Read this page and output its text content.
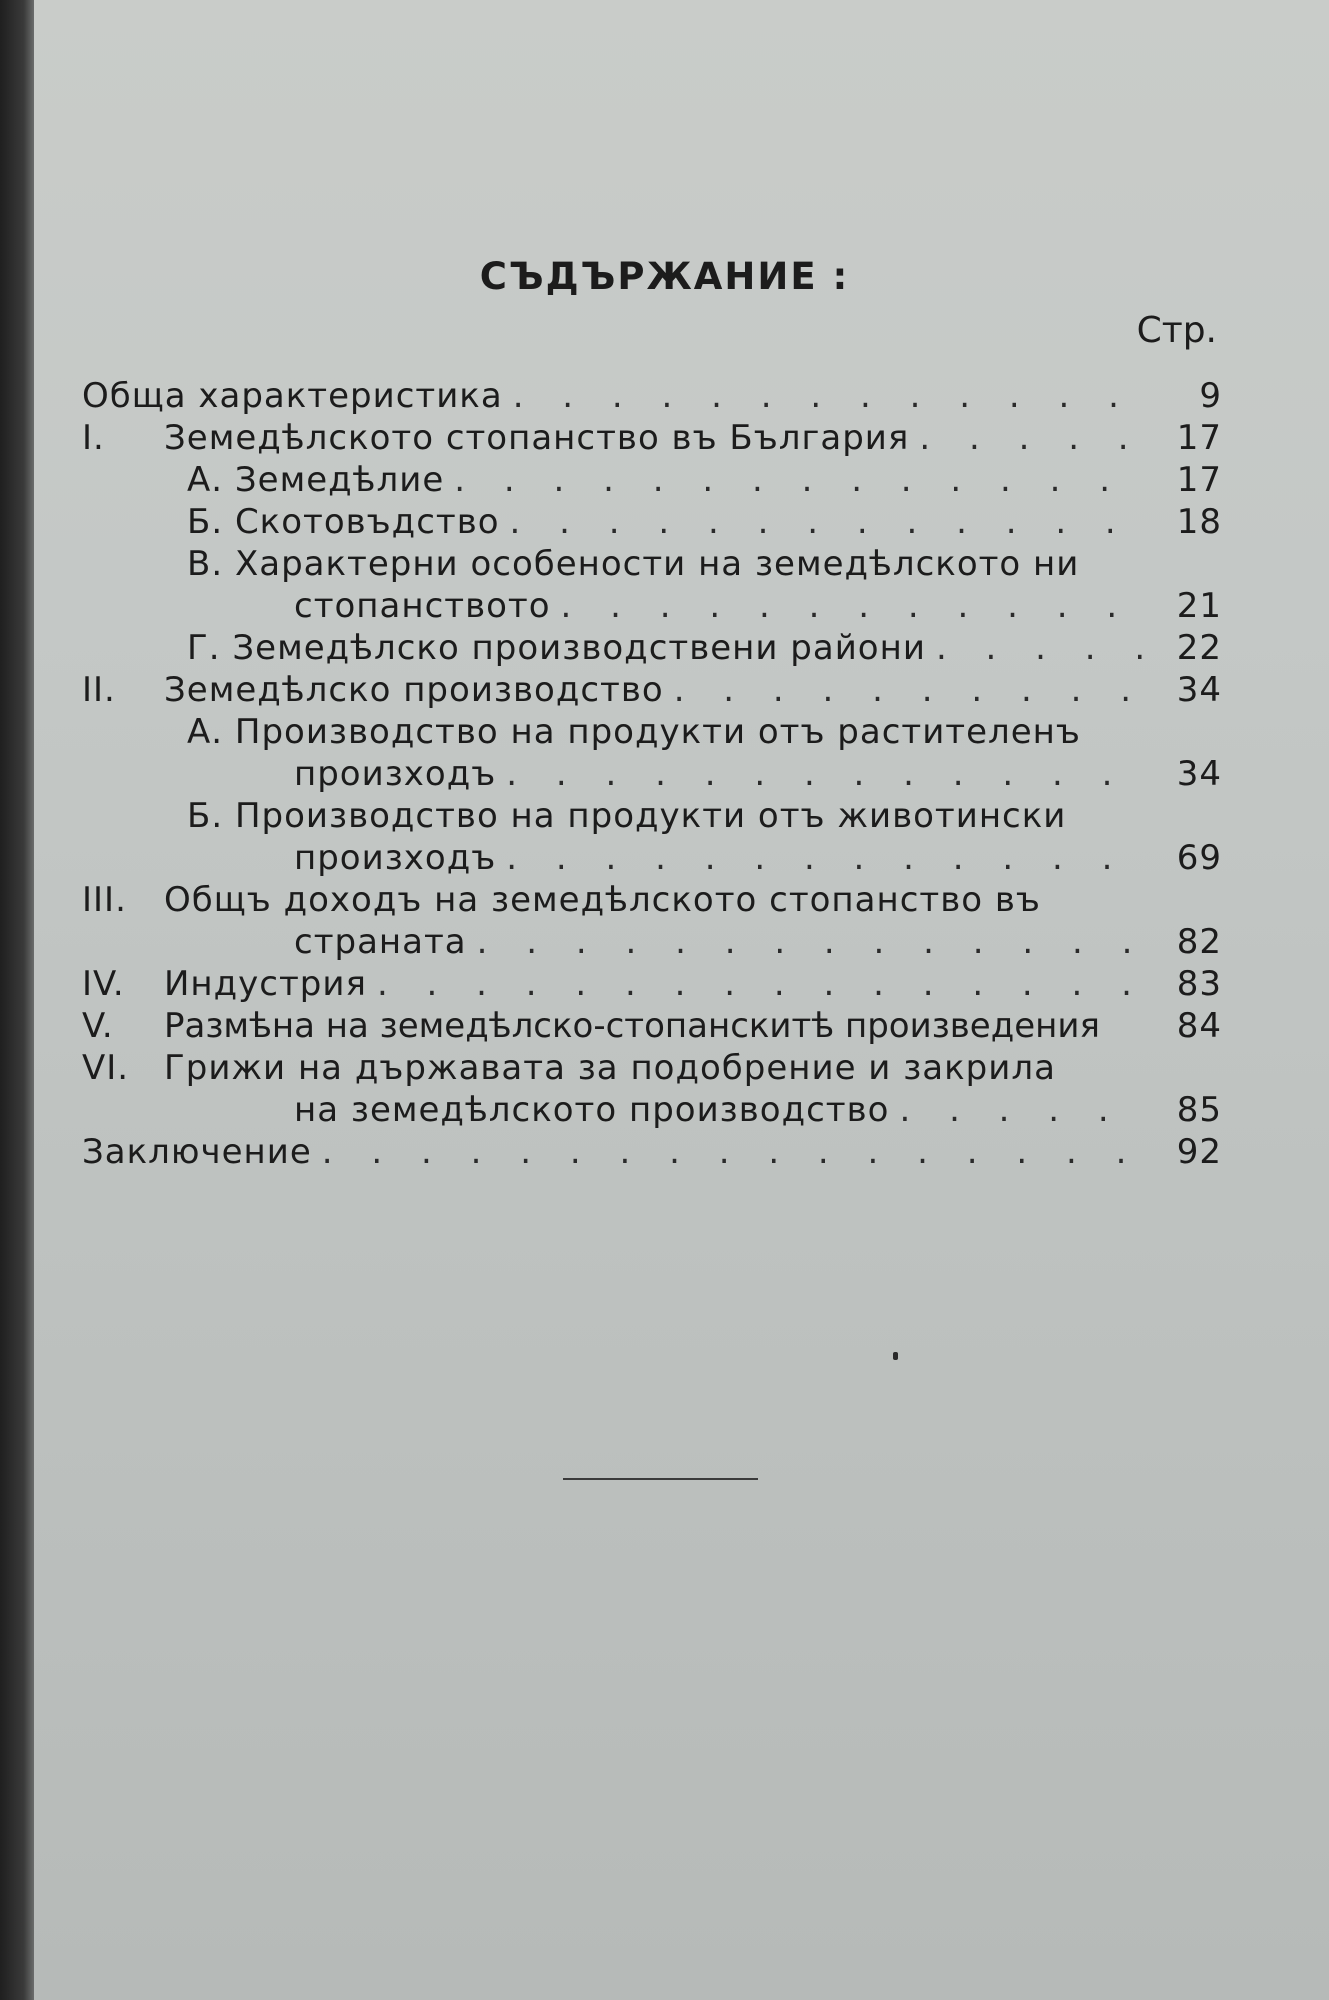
СЪДЪРЖАНИЕ :
Стр.
Обща характеристика . . .	9
I.	Земедѣлското стопанство въ България . . .	17
А. Земедѣлие . . .	17
Б. Скотовъдство . . .	18
В. Характерни особености на земедѣлското ни
стопанството . . .	21
Г. Земедѣлско производствени райони . . .	22
II.	Земедѣлско производство . . .	34
А. Производство на продукти отъ растителенъ
произходъ . . .	34
Б. Производство на продукти отъ животински
произходъ . . .	69
III.	Общъ доходъ на земедѣлското стопанство въ
страната . . .	82
IV.	Индустрия . . .	83
V.	Размѣна на земедѣлско-стопанскитѣ произведения	84
VI.	Грижи на държавата за подобрение и закрила
на земедѣлското производство . . .	85
Заключение . . .	92
